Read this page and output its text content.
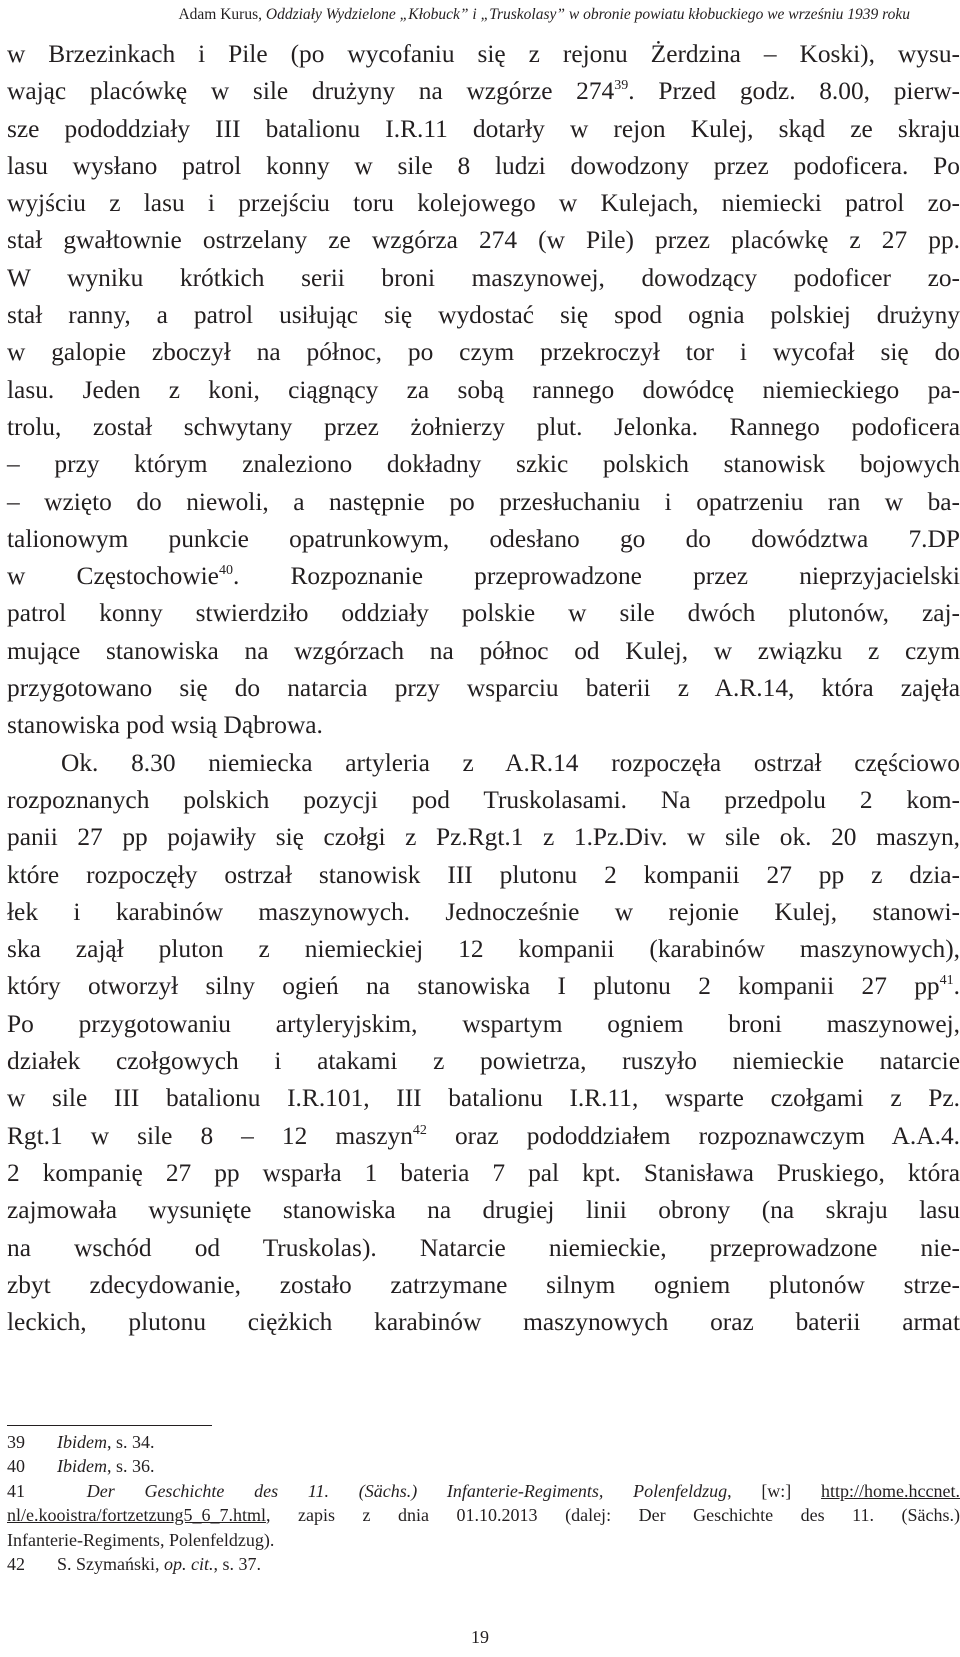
Adam Kurus, Oddziały Wydzielone „Kłobuck” i „Truskolasy” w obronie powiatu kłobuckiego we wrześniu 1939 roku
w Brzezinkach i Pile (po wycofaniu się z rejonu Żerdzina – Koski), wysu-
wając placówkę w sile drużyny na wzgórze $274^{39}$. Przed godz. 8.00, pierw-
sze pododdziały III batalionu I.R.11 dotarły w rejon Kulej, skąd ze skraju
lasu wysłano patrol konny w sile 8 ludzi dowodzony przez podoficera. Po
wyjściu z lasu i przejściu toru kolejowego w Kulejach, niemiecki patrol zo-
stał gwałtownie ostrzelany ze wzgórza 274 (w Pile) przez placówkę z 27 pp.
W wyniku krótkich serii broni maszynowej, dowodzący podoficer zo-
stał ranny, a patrol usiłując się wydostać się spod ognia polskiej drużyny
w galopie zboczył na północ, po czym przekroczył tor i wycofał się do
lasu. Jeden z koni, ciągnący za sobą rannego dowódcę niemieckiego pa-
trolu, został schwytany przez żołnierzy plut. Jelonka. Rannego podoficera
– przy którym znaleziono dokładny szkic polskich stanowisk bojowych
– wzięto do niewoli, a następnie po przesłuchaniu i opatrzeniu ran w ba-
talionowym punkcie opatrunkowym, odesłano go do dowództwa 7.DP
w Częstochowie$^{40}$. Rozpoznanie przeprowadzone przez nieprzyjacielski
patrol konny stwierdziło oddziały polskie w sile dwóch plutonów, zaj-
mujące stanowiska na wzgórzach na północ od Kulej, w związku z czym
przygotowano się do natarcia przy wsparciu baterii z A.R.14, która zajęła
stanowiska pod wsią Dąbrowa.
Ok. 8.30 niemiecka artyleria z A.R.14 rozpoczęła ostrzał częściowo
rozpoznanych polskich pozycji pod Truskolasami. Na przedpolu 2 kom-
panii 27 pp pojawiły się czołgi z Pz.Rgt.1 z 1.Pz.Div. w sile ok. 20 maszyn,
które rozpoczęły ostrzał stanowisk III plutonu 2 kompanii 27 pp z dzia-
łek i karabinów maszynowych. Jednocześnie w rejonie Kulej, stanowi-
ska zajął pluton z niemieckiej 12 kompanii (karabinów maszynowych),
który otworzył silny ogień na stanowiska I plutonu 2 kompanii 27 $pp^{41}$.
Po przygotowaniu artyleryjskim, wspartym ogniem broni maszynowej,
działek czołgowych i atakami z powietrza, ruszyło niemieckie natarcie
w sile III batalionu I.R.101, III batalionu I.R.11, wsparte czołgami z Pz.
Rgt.1 w sile 8 – 12 maszyn$^{42}$ oraz pododdziałem rozpoznawczym A.A.4.
2 kompanię 27 pp wsparła 1 bateria 7 pal kpt. Stanisława Pruskiego, która
zajmowała wysunięte stanowiska na drugiej linii obrony (na skraju lasu
na wschód od Truskolas). Natarcie niemieckie, przeprowadzone nie-
zbyt zdecydowanie, zostało zatrzymane silnym ogniem plutonów strze-
leckich, plutonu ciężkich karabinów maszynowych oraz baterii armat
39 Ibidem, s. 34.
40 Ibidem, s. 36.
41	Der Geschichte des 11. (Sächs.) Infanterie-Regiments, Polenfeldzug, [w:] http://home.hccnet.
nl/e.kooistra/fortzetzung5_6_7.html, zapis z dnia 01.10.2013 (dalej: Der Geschichte des 11. (Sächs.)
Infanterie-Regiments, Polenfeldzug).
42 S. Szymański, op. cit., s. 37.
19
